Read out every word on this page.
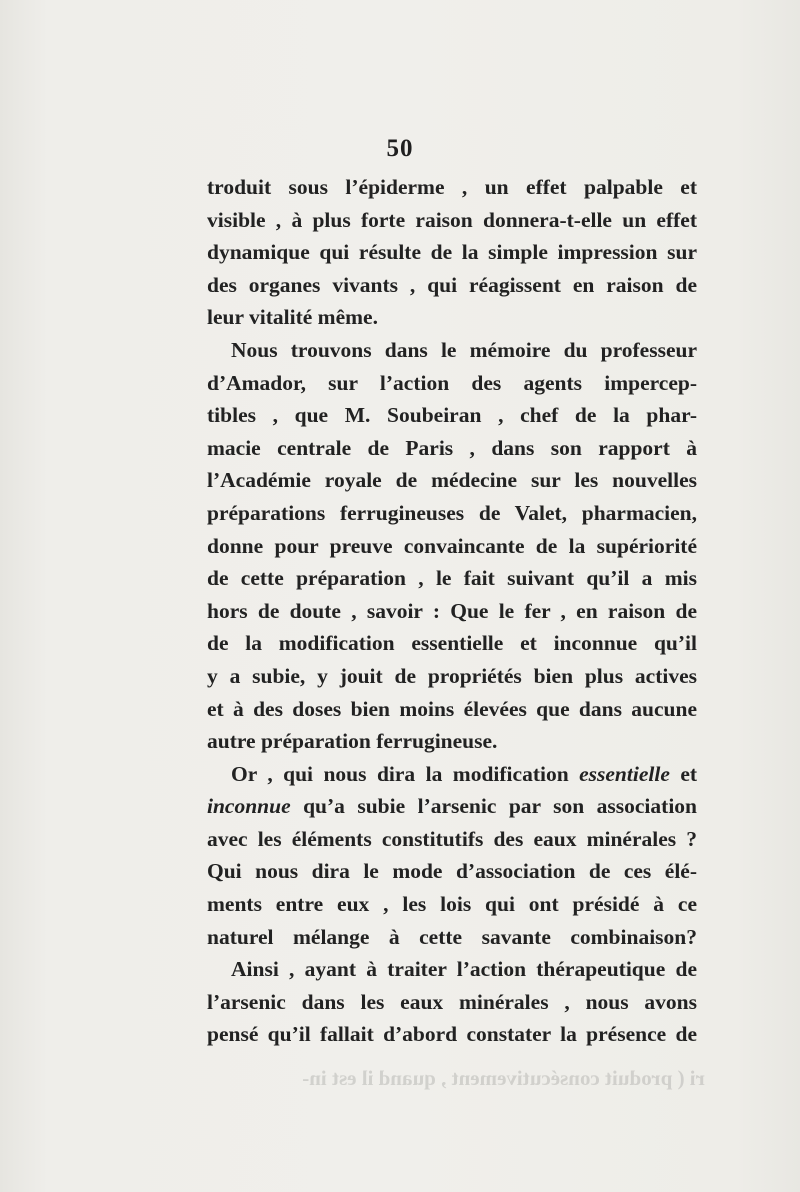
50
troduit sous l’épiderme , un effet palpable et
visible , à plus forte raison donnera-t-elle un effet
dynamique qui résulte de la simple impression sur
des organes vivants , qui réagissent en raison de
leur vitalité même.
Nous trouvons dans le mémoire du professeur
d’Amador, sur l’action des agents impercep-
tibles , que M. Soubeiran , chef de la phar-
macie centrale de Paris , dans son rapport à
l’Académie royale de médecine sur les nouvelles
préparations ferrugineuses de Valet, pharmacien,
donne pour preuve convaincante de la supériorité
de cette préparation , le fait suivant qu’il a mis
hors de doute , savoir : Que le fer , en raison de
de la modification essentielle et inconnue qu’il
y a subie, y jouit de propriétés bien plus actives
et à des doses bien moins élevées que dans aucune
autre préparation ferrugineuse.
Or , qui nous dira la modification essentielle et
inconnue qu’a subie l’arsenic par son association
avec les éléments constitutifs des eaux minérales ?
Qui nous dira le mode d’association de ces élé-
ments entre eux , les lois qui ont présidé à ce
naturel mélange à cette savante combinaison?
Ainsi , ayant à traiter l’action thérapeutique de
l’arsenic dans les eaux minérales , nous avons
pensé qu’il fallait d’abord constater la présence de
ri ( produit consécutivement , quand il est in-
